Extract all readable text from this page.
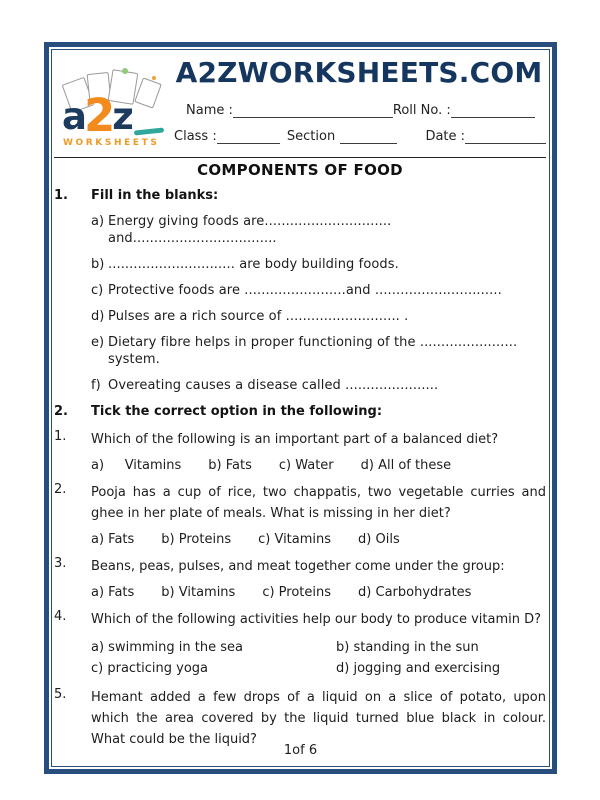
a2z
WORKSHEETS
A2ZWORKSHEETS.COM
Name :	Roll No. :
Class :	Section	Date :
COMPONENTS OF FOOD
1.	Fill in the blanks:
a) Energy giving foods are.............................. and..................................
b) .............................. are body building foods.
c) Protective foods are ........................and ..............................
d) Pulses are a rich source of ........................... .
e) Dietary fibre helps in proper functioning of the ....................... system.
f) Overeating causes a disease called ......................
2.	Tick the correct option in the following:
1.	Which of the following is an important part of a balanced diet?
a)     Vitamins b) Fats c) Water d) All of these
2.	Pooja has a cup of rice, two chappatis, two vegetable curries and ghee in her plate of meals. What is missing in her diet?
a) Fats b) Proteins c) Vitamins d) Oils
3.	Beans, peas, pulses, and meat together come under the group:
a) Fats b) Vitamins c) Proteins d) Carbohydrates
4.	Which of the following activities help our body to produce vitamin D?
a) swimming in the sea	b) standing in the sun
c) practicing yoga	d) jogging and exercising
5.	Hemant added a few drops of a liquid on a slice of potato, upon which the area covered by the liquid turned blue black in colour. What could be the liquid?
1of 6
